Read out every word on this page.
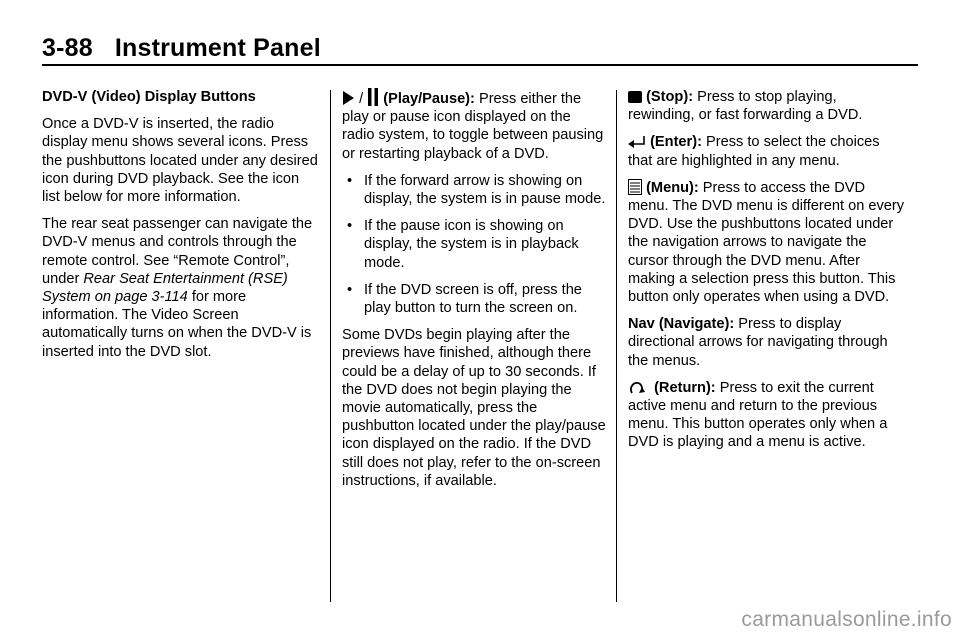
3-88 Instrument Panel

DVD-V (Video) Display Buttons

Once a DVD-V is inserted, the radio display menu shows several icons. Press the pushbuttons located under any desired icon during DVD playback. See the icon list below for more information.

The rear seat passenger can navigate the DVD-V menus and controls through the remote control. See “Remote Control”, under Rear Seat Entertainment (RSE) System on page 3-114 for more information. The Video Screen automatically turns on when the DVD-V is inserted into the DVD slot.

/ (Play/Pause): Press either the play or pause icon displayed on the radio system, to toggle between pausing or restarting playback of a DVD.

• If the forward arrow is showing on display, the system is in pause mode.
• If the pause icon is showing on display, the system is in playback mode.
• If the DVD screen is off, press the play button to turn the screen on.

Some DVDs begin playing after the previews have finished, although there could be a delay of up to 30 seconds. If the DVD does not begin playing the movie automatically, press the pushbutton located under the play/pause icon displayed on the radio. If the DVD still does not play, refer to the on-screen instructions, if available.

(Stop): Press to stop playing, rewinding, or fast forwarding a DVD.

(Enter): Press to select the choices that are highlighted in any menu.

(Menu): Press to access the DVD menu. The DVD menu is different on every DVD. Use the pushbuttons located under the navigation arrows to navigate the cursor through the DVD menu. After making a selection press this button. This button only operates when using a DVD.

Nav (Navigate): Press to display directional arrows for navigating through the menus.

(Return): Press to exit the current active menu and return to the previous menu. This button operates only when a DVD is playing and a menu is active.

carmanualsonline.info
